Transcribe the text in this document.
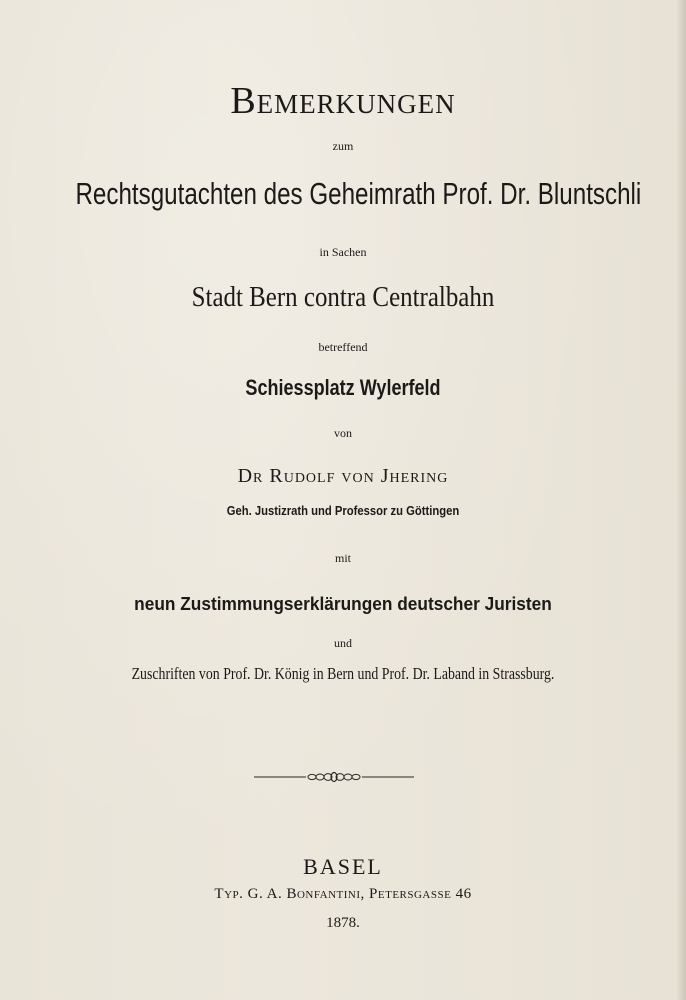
Bemerkungen
zum
Rechtsgutachten des Geheimrath Prof. Dr. Bluntschli
in Sachen
Stadt Bern contra Centralbahn
betreffend
Schiessplatz Wylerfeld
von
Dr Rudolf von Jhering
Geh. Justizrath und Professor zu Göttingen
mit
neun Zustimmungserklärungen deutscher Juristen
und
Zuschriften von Prof. Dr. König in Bern und Prof. Dr. Laband in Strassburg.
BASEL
Typ. G. A. Bonfantini, Petersgasse 46
1878.
